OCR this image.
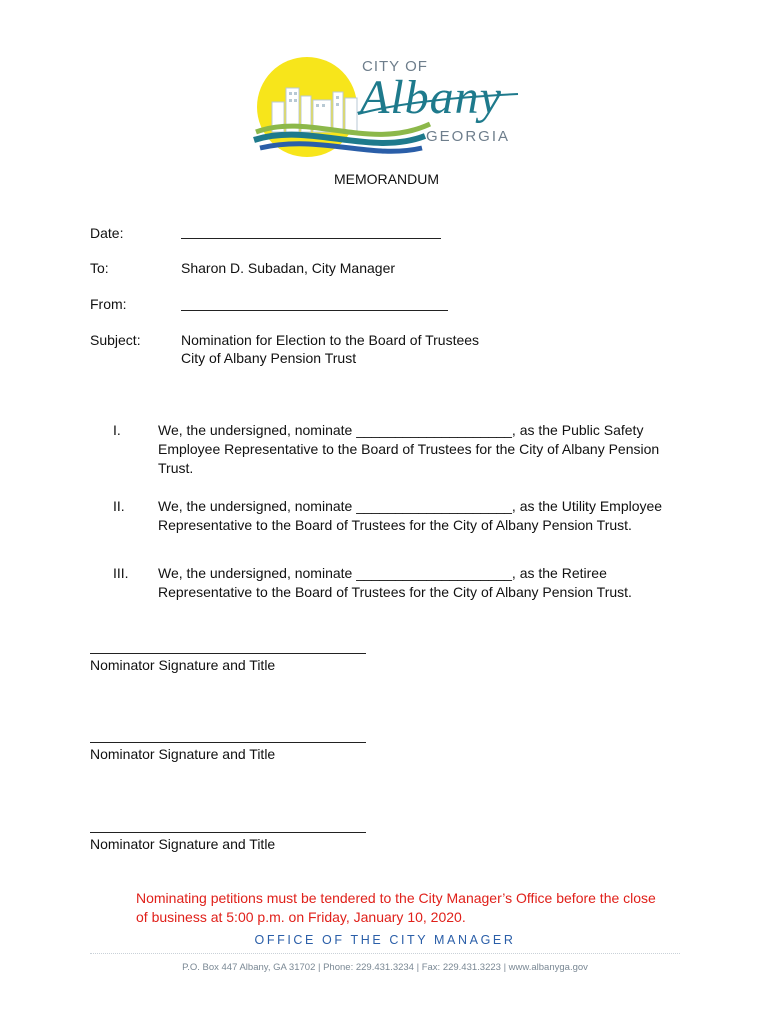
CITY OF
Albany
GEORGIA
MEMORANDUM
Date:
To:	Sharon D. Subadan, City Manager
From:
Subject:	Nomination for Election to the Board of Trustees
City of Albany Pension Trust
I.	We, the undersigned, nominate ____________________, as the Public Safety
Employee Representative to the Board of Trustees for the City of Albany Pension
Trust.
II. We, the undersigned, nominate ____________________, as the Utility Employee
Representative to the Board of Trustees for the City of Albany Pension Trust.
III. We, the undersigned, nominate ____________________, as the Retiree
Representative to the Board of Trustees for the City of Albany Pension Trust.
Nominator Signature and Title
Nominator Signature and Title
Nominator Signature and Title
Nominating petitions must be tendered to the City Manager’s Office before the close
of business at 5:00 p.m. on Friday, January 10, 2020.
OFFICE OF THE CITY MANAGER
P.O. Box 447 Albany, GA 31702 | Phone: 229.431.3234 | Fax: 229.431.3223 | www.albanyga.gov
